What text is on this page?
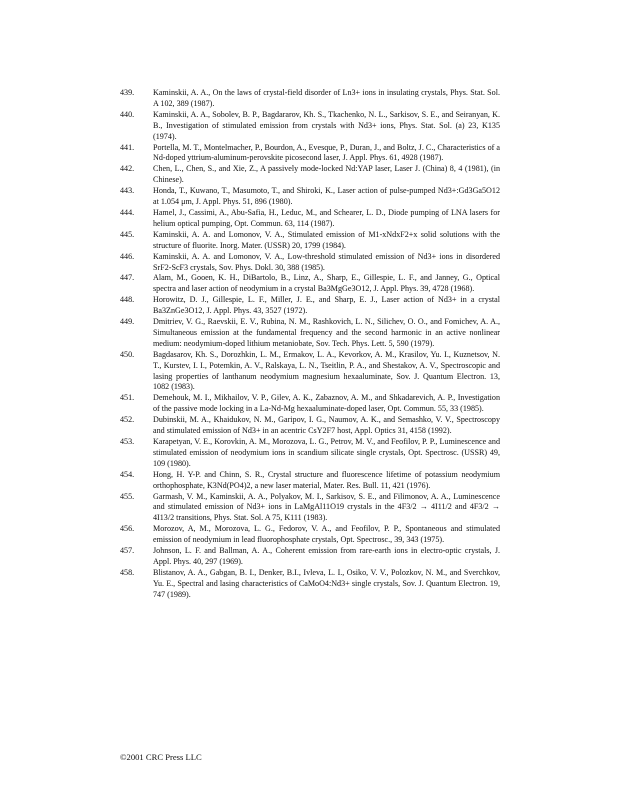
439.	Kaminskii, A. A., On the laws of crystal-field disorder of Ln3+ ions in insulating crystals, Phys. Stat. Sol. A 102, 389 (1987).

440.	Kaminskii, A. A., Sobolev, B. P., Bagdararov, Kh. S., Tkachenko, N. L., Sarkisov, S. E., and Seiranyan, K. B., Investigation of stimulated emission from crystals with Nd3+ ions, Phys. Stat. Sol. (a) 23, K135 (1974).

441.	Portella, M. T., Montelmacher, P., Bourdon, A., Evesque, P., Duran, J., and Boltz, J. C., Characteristics of a Nd-doped yttrium-aluminum-perovskite picosecond laser, J. Appl. Phys. 61, 4928 (1987).

442.	Chen, L., Chen, S., and Xie, Z., A passively mode-locked Nd:YAP laser, Laser J. (China) 8, 4 (1981), (in Chinese).

443.	Honda, T., Kuwano, T., Masumoto, T., and Shiroki, K., Laser action of pulse-pumped Nd3+:Gd3Ga5O12 at 1.054 μm, J. Appl. Phys. 51, 896 (1980).

444.	Hamel, J., Cassimi, A., Abu-Safia, H., Leduc, M., and Schearer, L. D., Diode pumping of LNA lasers for helium optical pumping, Opt. Commun. 63, 114 (1987).

445.	Kaminskii, A. A. and Lomonov, V. A., Stimulated emission of M1-xNdxF2+x solid solutions with the structure of fluorite. Inorg. Mater. (USSR) 20, 1799 (1984).

446.	Kaminskii, A. A. and Lomonov, V. A., Low-threshold stimulated emission of Nd3+ ions in disordered SrF2-ScF3 crystals, Sov. Phys. Dokl. 30, 388 (1985).

447.	Alam, M., Gooen, K. H., DiBartolo, B., Linz, A., Sharp, E., Gillespie, L. F., and Janney, G., Optical spectra and laser action of neodymium in a crystal Ba3MgGe3O12, J. Appl. Phys. 39, 4728 (1968).

448.	Horowitz, D. J., Gillespie, L. F., Miller, J. E., and Sharp, E. J., Laser action of Nd3+ in a crystal Ba3ZnGe3O12, J. Appl. Phys. 43, 3527 (1972).

449.	Dmitriev, V. G., Raevskii, E. V., Rubina, N. M., Rashkovich, L. N., Silichev, O. O., and Fomichev, A. A., Simultaneous emission at the fundamental frequency and the second harmonic in an active nonlinear medium: neodymium-doped lithium metaniobate, Sov. Tech. Phys. Lett. 5, 590 (1979).

450.	Bagdasarov, Kh. S., Dorozhkin, L. M., Ermakov, L. A., Kevorkov, A. M., Krasilov, Yu. I., Kuznetsov, N. T., Kurstev, I. I., Potemkin, A. V., Ralskaya, L. N., Tseitlin, P. A., and Shestakov, A. V., Spectroscopic and lasing properties of lanthanum neodymium magnesium hexaaluminate, Sov. J. Quantum Electron. 13, 1082 (1983).

451.	Demehouk, M. I., Mikhailov, V. P., Gilev, A. K., Zabaznov, A. M., and Shkadarevich, A. P., Investigation of the passive mode locking in a La-Nd-Mg hexaaluminate-doped laser, Opt. Commun. 55, 33 (1985).

452.	Dubinskii, M. A., Khaidukov, N. M., Garipov, I. G., Naumov, A. K., and Semashko, V. V., Spectroscopy and stimulated emission of Nd3+ in an acentric CsY2F7 host, Appl. Optics 31, 4158 (1992).

453.	Karapetyan, V. E., Korovkin, A. M., Morozova, L. G., Petrov, M. V., and Feofilov, P. P., Luminescence and stimulated emission of neodymium ions in scandium silicate single crystals, Opt. Spectrosc. (USSR) 49, 109 (1980).

454.	Hong, H. Y-P. and Chinn, S. R., Crystal structure and fluorescence lifetime of potassium neodymium orthophosphate, K3Nd(PO4)2, a new laser material, Mater. Res. Bull. 11, 421 (1976).

455.	Garmash, V. M., Kaminskii, A. A., Polyakov, M. I., Sarkisov, S. E., and Filimonov, A. A., Luminescence and stimulated emission of Nd3+ ions in LaMgAl11O19 crystals in the 4F3/2 → 4I11/2 and 4F3/2 → 4I13/2 transitions, Phys. Stat. Sol. A 75, K111 (1983).

456.	Morozov, A, M., Morozova, L. G., Fedorov, V. A., and Feofilov, P. P., Spontaneous and stimulated emission of neodymium in lead fluorophosphate crystals, Opt. Spectrosc., 39, 343 (1975).

457.	Johnson, L. F. and Ballman, A. A., Coherent emission from rare-earth ions in electro-optic crystals, J. Appl. Phys. 40, 297 (1969).

458.	Blistanov, A. A., Gabgan, B. I., Denker, B.I., Ivleva, L. I., Osiko, V. V., Polozkov, N. M., and Sverchkov, Yu. E., Spectral and lasing characteristics of CaMoO4:Nd3+ single crystals, Sov. J. Quantum Electron. 19, 747 (1989).

©2001 CRC Press LLC
